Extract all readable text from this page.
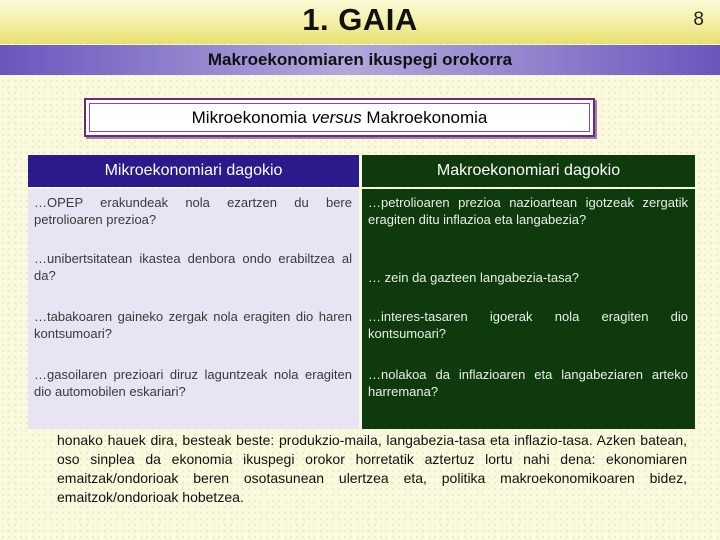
1. GAIA	8
Makroekonomiaren ikuspegi orokorra
Mikroekonomia versus Makroekonomia
Mikroekonomiari dagokio	Makroekonomiari dagokio
…OPEP erakundeak nola ezartzen du bere petrolioaren prezioa?
…unibertsitatean ikastea denbora ondo erabiltzea al da?
…tabakoaren gaineko zergak nola eragiten dio haren kontsumoari?
…gasoilaren prezioari diruz laguntzeak nola eragiten dio automobilen eskariari?
…petrolioaren prezioa nazioartean igotzeak zergatik eragiten ditu inflazioa eta langabezia?
… zein da gazteen langabezia-tasa?
…interes-tasaren igoerak nola eragiten dio kontsumoari?
…nolakoa da inflazioaren eta langabeziaren arteko harremana?
honako hauek dira, besteak beste: produkzio-maila, langabezia-tasa eta inflazio-tasa. Azken batean, oso sinplea da ekonomia ikuspegi orokor horretatik aztertuz lortu nahi dena: ekonomiaren emaitzak/ondorioak beren osotasunean ulertzea eta, politika makroekonomikoaren bidez, emaitzok/ondorioak hobetzea.
